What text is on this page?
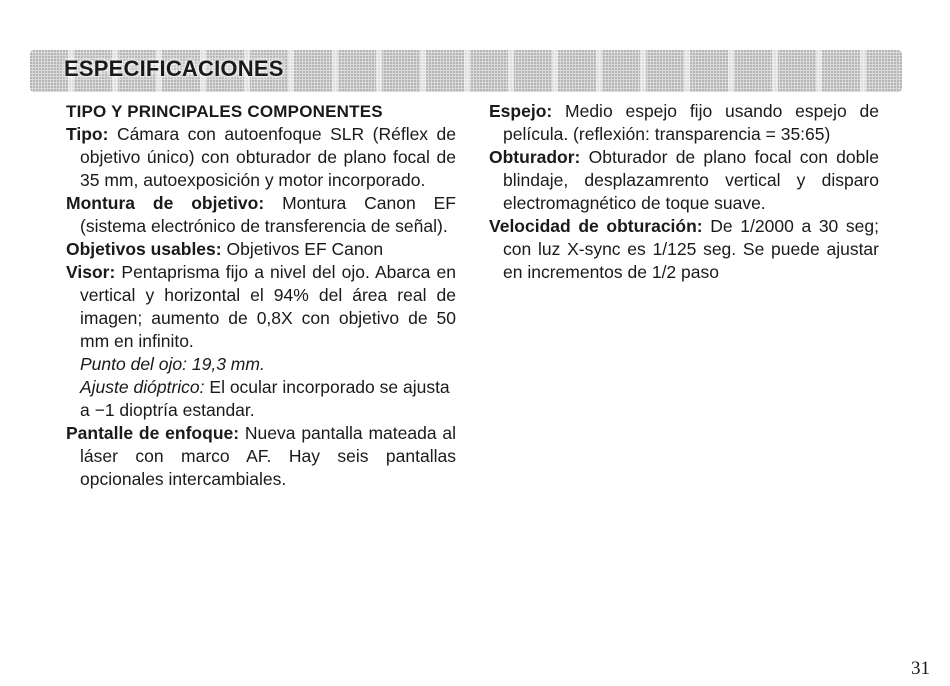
ESPECIFICACIONES

TIPO Y PRINCIPALES COMPONENTES

Tipo: Cámara con autoenfoque SLR (Réflex de objetivo único) con obturador de plano focal de 35 mm, autoexposición y motor incorporado.

Montura de objetivo: Montura Canon EF (sistema electrónico de transferencia de señal).

Objetivos usables: Objetivos EF Canon

Visor: Pentaprisma fijo a nivel del ojo. Abarca en vertical y horizontal el 94% del área real de imagen; aumento de 0,8X con objetivo de 50 mm en infinito.

Punto del ojo: 19,3 mm.

Ajuste dióptrico: El ocular incorporado se ajusta a −1 dioptría estandar.

Pantalle de enfoque: Nueva pantalla mateada al láser con marco AF. Hay seis pantallas opcionales intercambiales.

Espejo: Medio espejo fijo usando espejo de película. (reflexión: transparencia = 35:65)

Obturador: Obturador de plano focal con doble blindaje, desplazamrento vertical y disparo electromagnético de toque suave.

Velocidad de obturación: De 1/2000 a 30 seg; con luz X-sync es 1/125 seg. Se puede ajustar en incrementos de 1/2 paso

31
